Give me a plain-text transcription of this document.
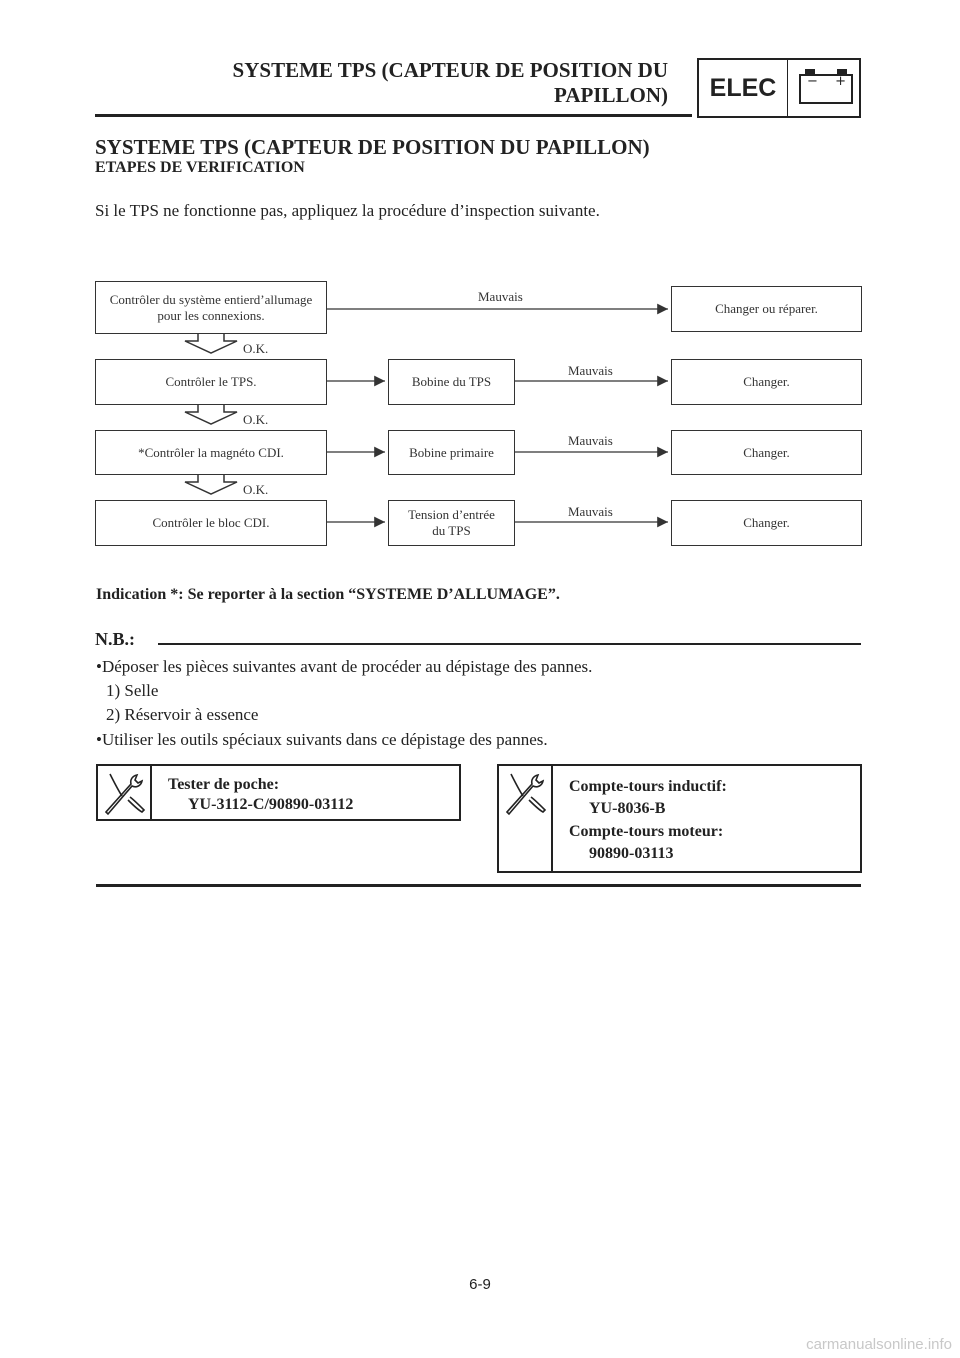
SYSTEME TPS (CAPTEUR DE POSITION DU
PAPILLON)	ELEC	− +
SYSTEME TPS (CAPTEUR DE POSITION DU PAPILLON)
ETAPES DE VERIFICATION
Si le TPS ne fonctionne pas, appliquez la procédure d’inspection suivante.
Contrôler du système entierd’allumage
pour les connexions.
Contrôler le TPS.
*Contrôler la magnéto CDI.
Contrôler le bloc CDI.
Bobine du TPS
Bobine primaire
Tension d’entrée
du TPS
Changer ou réparer.
Changer.
Changer.
Changer.
Mauvais
Mauvais
Mauvais
Mauvais
O.K.
O.K.
O.K.
Indication *: Se reporter à la section “SYSTEME D’ALLUMAGE”.
N.B.:
•Déposer les pièces suivantes avant de procéder au dépistage des pannes.
1) Selle
2) Réservoir à essence
•Utiliser les outils spéciaux suivants dans ce dépistage des pannes.
Tester de poche:
YU-3112-C/90890-03112
Compte-tours inductif:
YU-8036-B
Compte-tours moteur:
90890-03113
6-9
carmanualsonline.info
